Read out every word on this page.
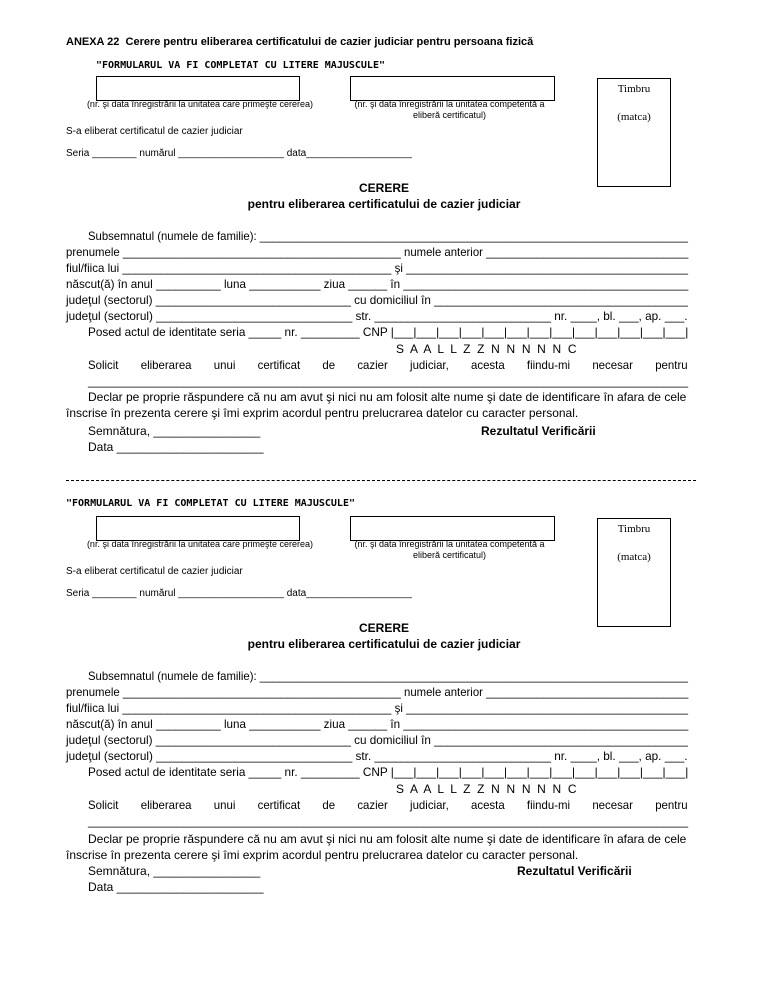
ANEXA 22  Cerere pentru eliberarea certificatului de cazier judiciar pentru persoana fizică
"FORMULARUL VA FI COMPLETAT CU LITERE MAJUSCULE"
(nr. şi data înregistrării la unitatea care primeşte cererea)	(nr. şi data înregistrării la unitatea competentă a eliberă certificatul)
Timbru
(matca)
S-a eliberat certificatul de cazier judiciar
Seria ________ numărul ___________________ data___________________
CERERE
pentru eliberarea certificatului de cazier judiciar
Subsemnatul (numele de familie): ____________________________________________________________________
prenumele ____________________________________________ numele anterior ________________________________
fiul/fiica lui __________________________________________ şi ____________________________________________
născut(ă) în anul __________ luna ___________ ziua ______ în ____________________________________________
judeţul (sectorul) ______________________________ cu domiciliul în _______________________________________
judeţul (sectorul) ______________________________ str. ___________________________ nr. ____, bl. ___, ap. ___.
Posed actul de identitate seria _____ nr. _________ CNP |___|___|___|___|___|___|___|___|___|___|___|___|___|
S  A  A  L  L  Z  Z  N  N  N  N  N  C
Solicit       eliberarea       unui       certificat       de       cazier       judiciar,       acesta       fiindu-mi       necesar       pentru
_______________________________________________________________________________________________
Declar pe proprie răspundere că nu am avut şi nici nu am folosit alte nume şi date de identificare în afara de cele
înscrise în prezenta cerere şi îmi exprim acordul pentru prelucrarea datelor cu caracter personal.
Semnătura, ________________	Rezultatul Verificării
Data ______________________
"FORMULARUL VA FI COMPLETAT CU LITERE MAJUSCULE"
(nr. şi data înregistrării la unitatea care primeşte cererea)	(nr. şi data înregistrării la unitatea competentă a eliberă certificatul)
Timbru
(matca)
S-a eliberat certificatul de cazier judiciar
Seria ________ numărul ___________________ data___________________
CERERE
pentru eliberarea certificatului de cazier judiciar
Subsemnatul (numele de familie): ____________________________________________________________________
prenumele ____________________________________________ numele anterior ________________________________
fiul/fiica lui __________________________________________ şi ____________________________________________
născut(ă) în anul __________ luna ___________ ziua ______ în ____________________________________________
judeţul (sectorul) ______________________________ cu domiciliul în _______________________________________
judeţul (sectorul) ______________________________ str. ___________________________ nr. ____, bl. ___, ap. ___.
Posed actul de identitate seria _____ nr. _________ CNP |___|___|___|___|___|___|___|___|___|___|___|___|___|
S  A  A  L  L  Z  Z  N  N  N  N  N  C
Solicit       eliberarea       unui       certificat       de       cazier       judiciar,       acesta       fiindu-mi       necesar       pentru
_______________________________________________________________________________________________
Declar pe proprie răspundere că nu am avut şi nici nu am folosit alte nume şi date de identificare în afara de cele
înscrise în prezenta cerere şi îmi exprim acordul pentru prelucrarea datelor cu caracter personal.
Semnătura, ________________	Rezultatul Verificării
Data ______________________
